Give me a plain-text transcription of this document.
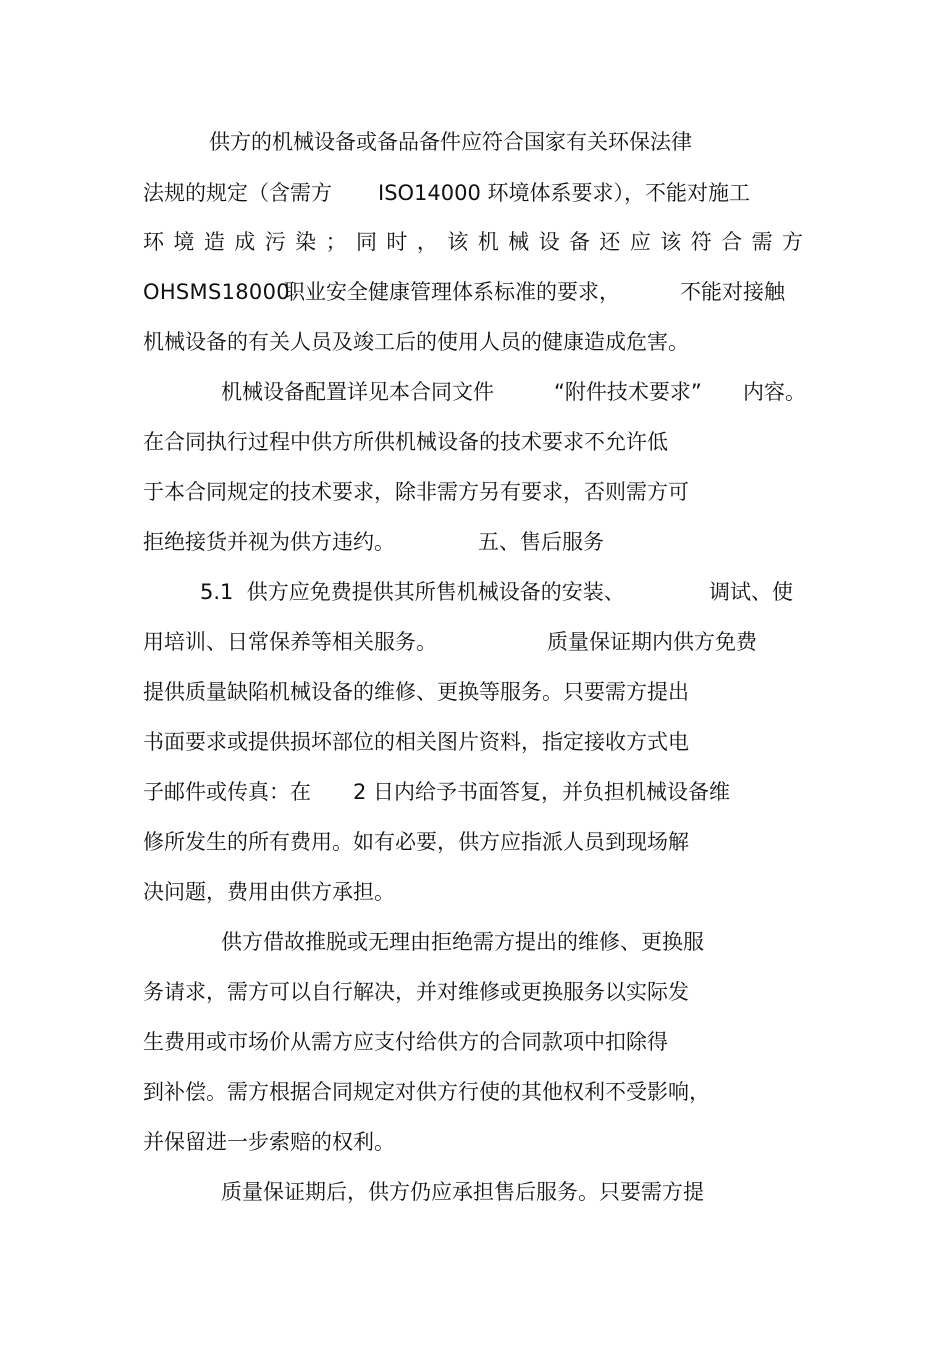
供方的机械设备或备品备件应符合国家有关环保法律

法规的规定（含需方

ISO14000 环境体系要求），不能对施工

环境造成污染；同时，该机械设备还应该符合需方

OHSMS18000

职业安全健康管理体系标准的要求，

	不能对接触

机械设备的有关人员及竣工后的使用人员的健康造成危害。

机械设备配置详见本合同文件

	“附件技术要求”

内容。

在合同执行过程中供方所供机械设备的技术要求不允许低

于本合同规定的技术要求，除非需方另有要求，否则需方可

拒绝接货并视为供方违约。

	五、售后服务

5.1  供方应免费提供其所售机械设备的安装、

	调试、使

用培训、日常保养等相关服务。

	质量保证期内供方免费

提供质量缺陷机械设备的维修、更换等服务。只要需方提出

书面要求或提供损坏部位的相关图片资料，指定接收方式电

子邮件或传真：在

2 日内给予书面答复，并负担机械设备维

修所发生的所有费用。如有必要，供方应指派人员到现场解

决问题，费用由供方承担。

供方借故推脱或无理由拒绝需方提出的维修、更换服

务请求，需方可以自行解决，并对维修或更换服务以实际发

生费用或市场价从需方应支付给供方的合同款项中扣除得

到补偿。需方根据合同规定对供方行使的其他权利不受影响，

并保留进一步索赔的权利。

质量保证期后，供方仍应承担售后服务。只要需方提
